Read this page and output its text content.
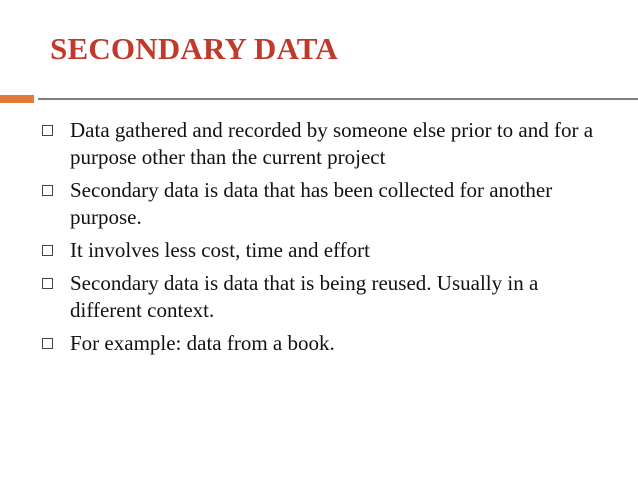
SECONDARY DATA
Data gathered and recorded by someone else prior to and for a purpose other than the current project
Secondary data is data that has been collected for another purpose.
It involves less cost, time and effort
Secondary data is data that is being reused. Usually in a different context.
For example: data from a book.
